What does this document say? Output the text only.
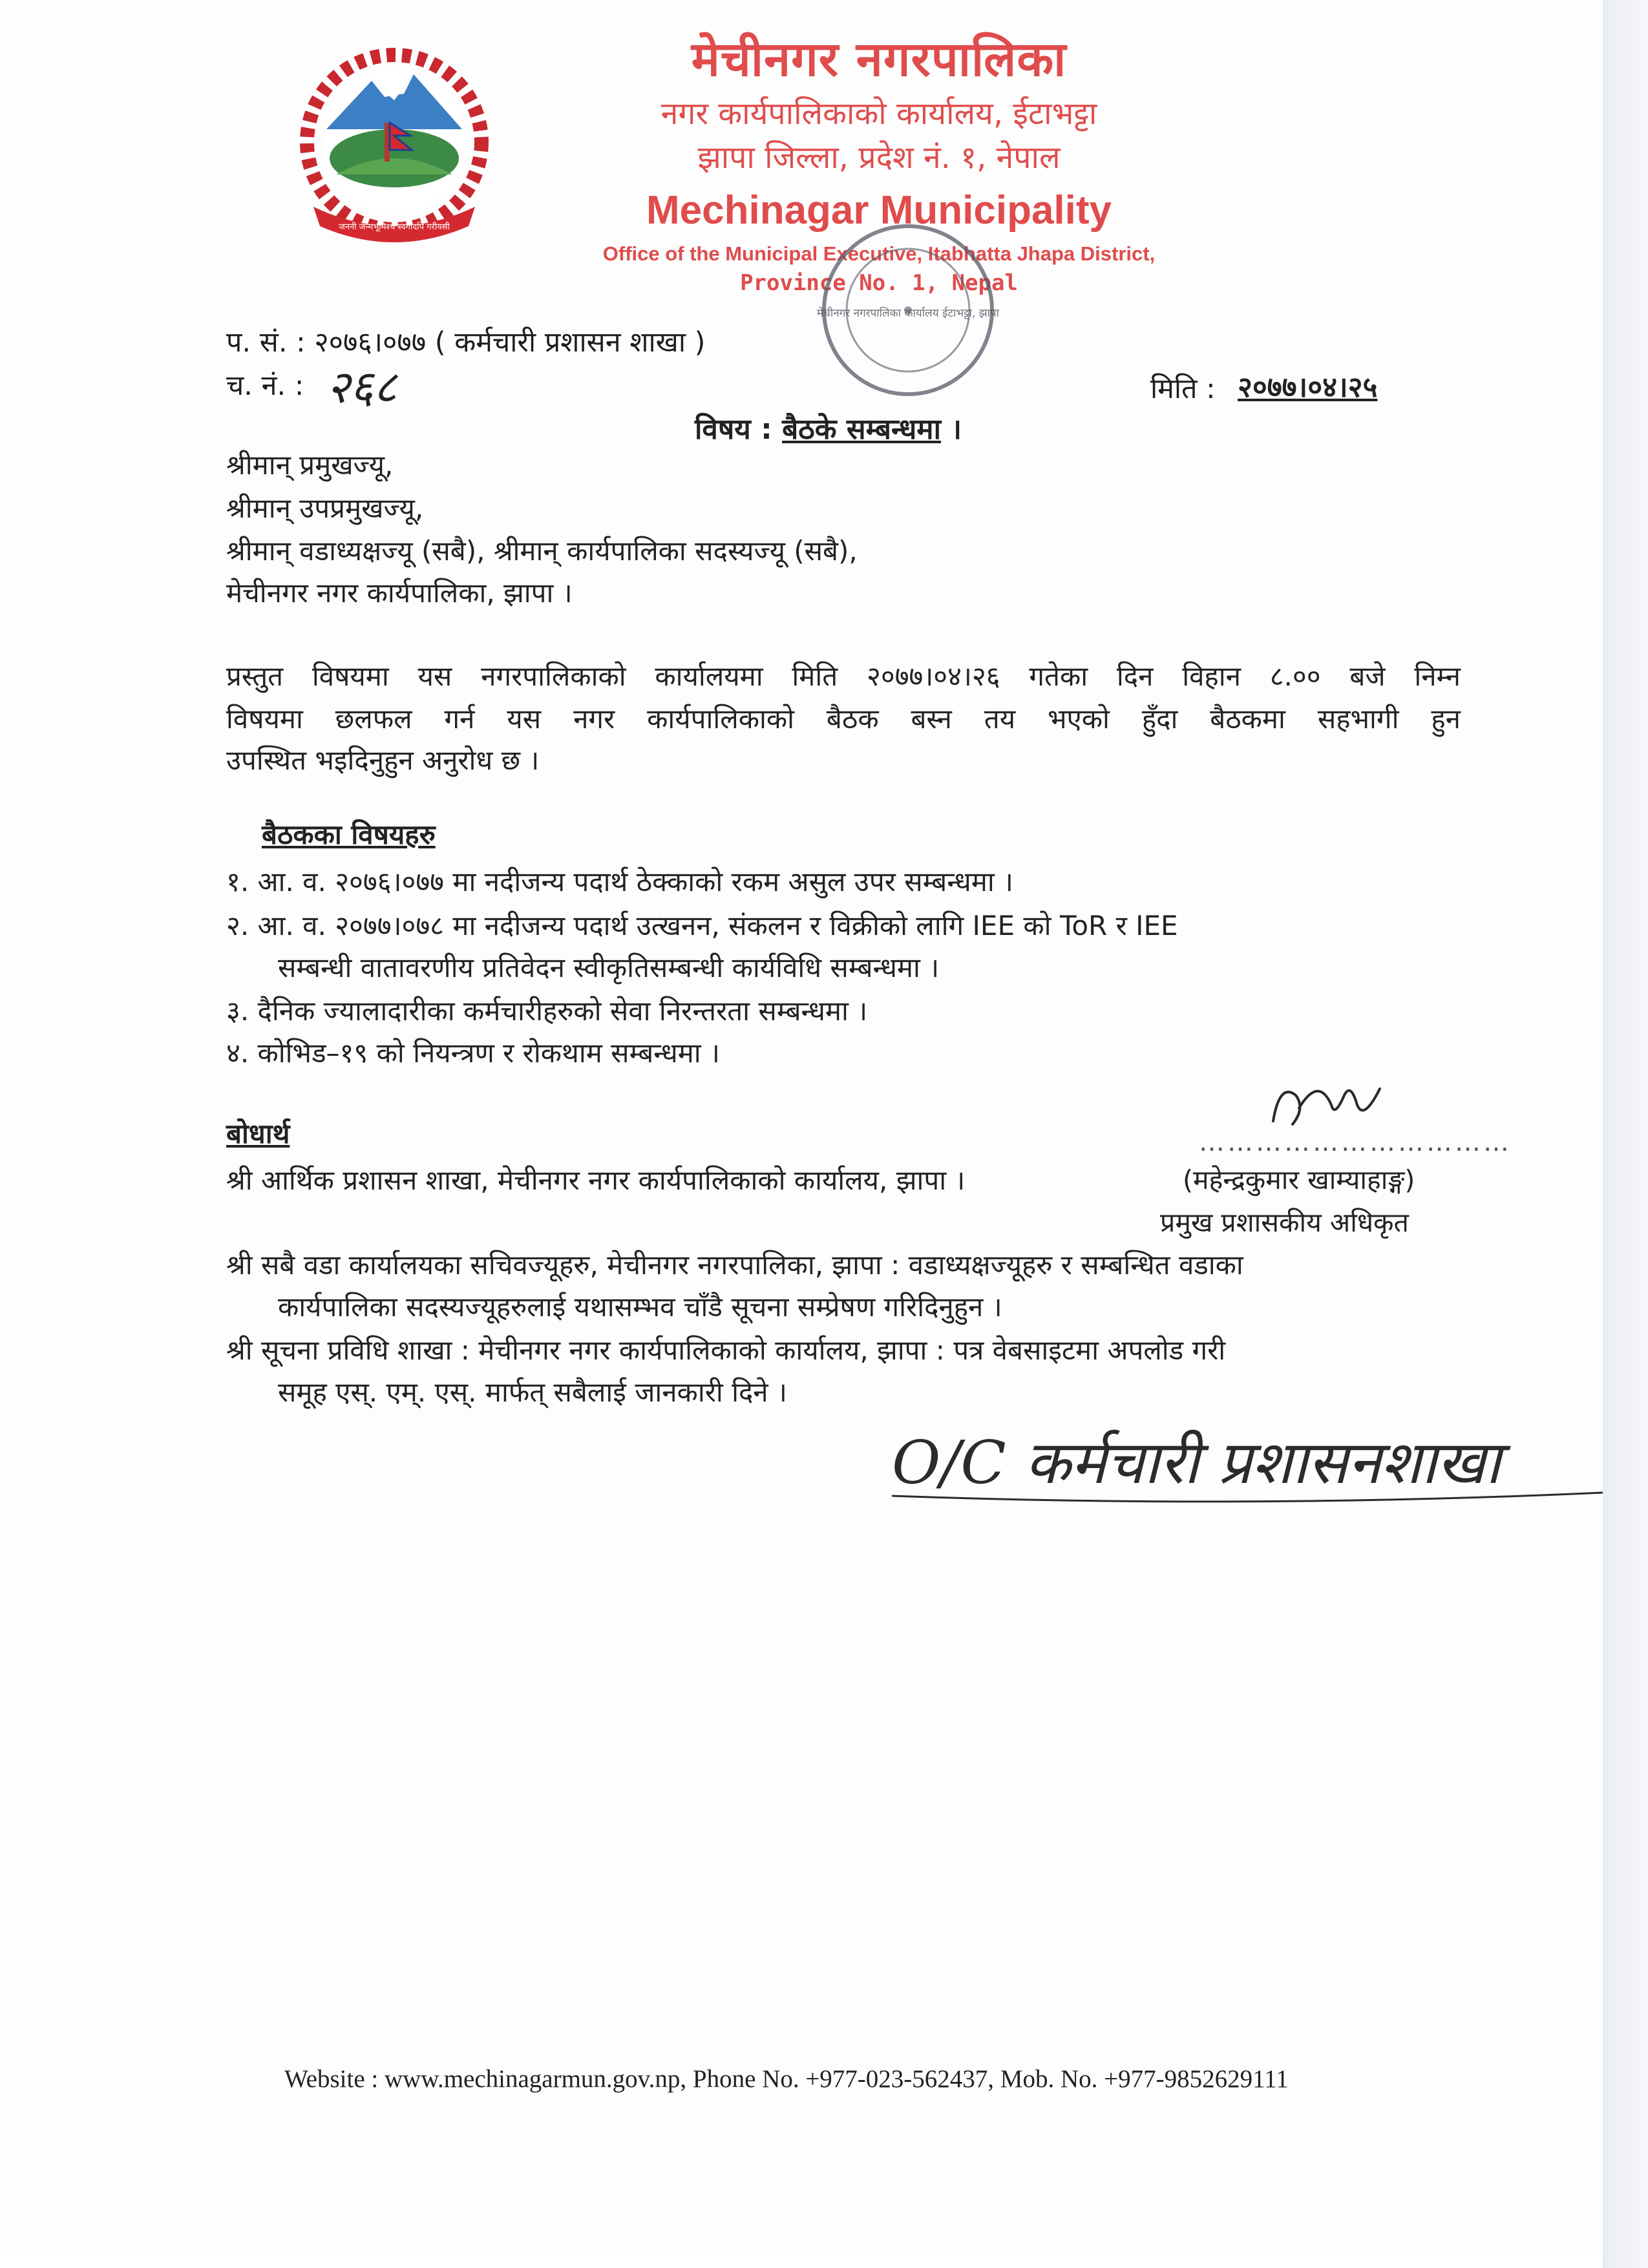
जननी जन्मभूमिश्च स्वर्गादपि गरीयसी
मेचीनगर नगरपालिका
नगर कार्यपालिकाको कार्यालय, ईटाभट्टा
झापा जिल्ला, प्रदेश नं. १, नेपाल
Mechinagar Municipality
Office of the Municipal Executive, Itabhatta Jhapa District,
Province No. 1, Nepal
मेचीनगर नगरपालिका कार्यालय ईटाभट्टा, झापा
प. सं. : २०७६।०७७ ( कर्मचारी प्रशासन शाखा )
च. नं. : २६८	मिति : २०७७।०४।२५
विषय : बैठके सम्बन्धमा ।
श्रीमान् प्रमुखज्यू,
श्रीमान् उपप्रमुखज्यू,
श्रीमान् वडाध्यक्षज्यू (सबै), श्रीमान् कार्यपालिका सदस्यज्यू (सबै),
मेचीनगर नगर कार्यपालिका, झापा ।
प्रस्तुत विषयमा यस नगरपालिकाको कार्यालयमा मिति २०७७।०४।२६ गतेका दिन विहान ८.०० बजे निम्न
विषयमा छलफल गर्न यस नगर कार्यपालिकाको बैठक बस्न तय भएको हुँदा बैठकमा सहभागी हुन
उपस्थित भइदिनुहुन अनुरोध छ ।
बैठकका विषयहरु
१. आ. व. २०७६।०७७ मा नदीजन्य पदार्थ ठेक्काको रकम असुल उपर सम्बन्धमा ।
२. आ. व. २०७७।०७८ मा नदीजन्य पदार्थ उत्खनन, संकलन र विक्रीको लागि IEE को ToR र IEE
सम्बन्धी वातावरणीय प्रतिवेदन स्वीकृतिसम्बन्धी कार्यविधि सम्बन्धमा ।
३. दैनिक ज्यालादारीका कर्मचारीहरुको सेवा निरन्तरता सम्बन्धमा ।
४. कोभिड–१९ को नियन्त्रण र रोकथाम सम्बन्धमा ।
……………………………
(महेन्द्रकुमार खाम्याहाङ्ग)
प्रमुख प्रशासकीय अधिकृत
बोधार्थ
श्री आर्थिक प्रशासन शाखा, मेचीनगर नगर कार्यपालिकाको कार्यालय, झापा ।
श्री सबै वडा कार्यालयका सचिवज्यूहरु, मेचीनगर नगरपालिका, झापा : वडाध्यक्षज्यूहरु र सम्बन्धित वडाका
कार्यपालिका सदस्यज्यूहरुलाई यथासम्भव चाँडै सूचना सम्प्रेषण गरिदिनुहुन ।
श्री सूचना प्रविधि शाखा : मेचीनगर नगर कार्यपालिकाको कार्यालय, झापा : पत्र वेबसाइटमा अपलोड गरी
समूह एस्. एम्. एस्. मार्फत् सबैलाई जानकारी दिने ।
O/C कर्मचारी प्रशासनशाखा
Website : www.mechinagarmun.gov.np, Phone No. +977-023-562437, Mob. No. +977-9852629111
